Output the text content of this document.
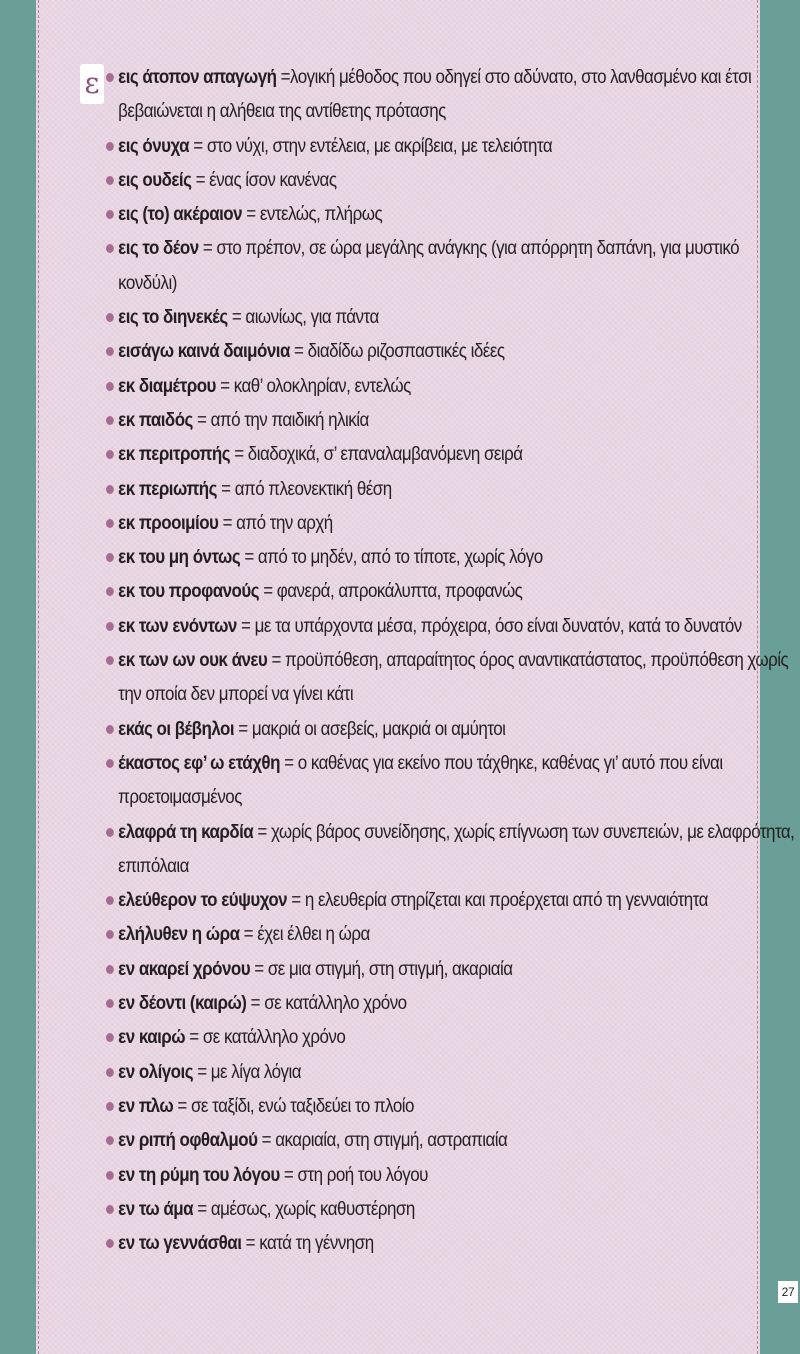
ε εις άτοπον απαγωγή =λογική μέθοδος που οδηγεί στο αδύνατο, στο λανθασμένο και έτσι βεβαιώνεται η αλήθεια της αντίθετης πρότασης
εις όνυχα = στο νύχι, στην εντέλεια, με ακρίβεια, με τελειότητα
εις ουδείς = ένας ίσον κανένας
εις (το) ακέραιον = εντελώς, πλήρως
εις το δέον = στο πρέπον, σε ώρα μεγάλης ανάγκης (για απόρρητη δαπάνη, για μυστικό κονδύλι)
εις το διηνεκές = αιωνίως, για πάντα
εισάγω καινά δαιμόνια = διαδίδω ριζοσπαστικές ιδέες
εκ διαμέτρου = καθ’ ολοκληρίαν, εντελώς
εκ παιδός = από την παιδική ηλικία
εκ περιτροπής = διαδοχικά, σ’ επαναλαμβανόμενη σειρά
εκ περιωπής = από πλεονεκτική θέση
εκ προοιμίου = από την αρχή
εκ του μη όντως = από το μηδέν, από το τίποτε, χωρίς λόγο
εκ του προφανούς = φανερά, απροκάλυπτα, προφανώς
εκ των ενόντων = με τα υπάρχοντα μέσα, πρόχειρα, όσο είναι δυνατόν, κατά το δυνατόν
εκ των ων ουκ άνευ = προϋπόθεση, απαραίτητος όρος αναντικατάστατος, προϋπόθεση χωρίς την οποία δεν μπορεί να γίνει κάτι
εκάς οι βέβηλοι = μακριά οι ασεβείς, μακριά οι αμύητοι
έκαστος εφ’ ω ετάχθη = ο καθένας για εκείνο που τάχθηκε, καθένας γι’ αυτό που είναι προετοιμασμένος
ελαφρά τη καρδία = χωρίς βάρος συνείδησης, χωρίς επίγνωση των συνεπειών, με ελαφρότητα, επιπόλαια
ελεύθερον το εύψυχον = η ελευθερία στηρίζεται και προέρχεται από τη γενναιότητα
ελήλυθεν η ώρα = έχει έλθει η ώρα
εν ακαρεί χρόνου = σε μια στιγμή, στη στιγμή, ακαριαία
εν δέοντι (καιρώ) = σε κατάλληλο χρόνο
εν καιρώ = σε κατάλληλο χρόνο
εν ολίγοις = με λίγα λόγια
εν πλω = σε ταξίδι, ενώ ταξιδεύει το πλοίο
εν ριπή οφθαλμού = ακαριαία, στη στιγμή, αστραπιαία
εν τη ρύμη του λόγου = στη ροή του λόγου
εν τω άμα = αμέσως, χωρίς καθυστέρηση
εν τω γεννάσθαι = κατά τη γέννηση
27
